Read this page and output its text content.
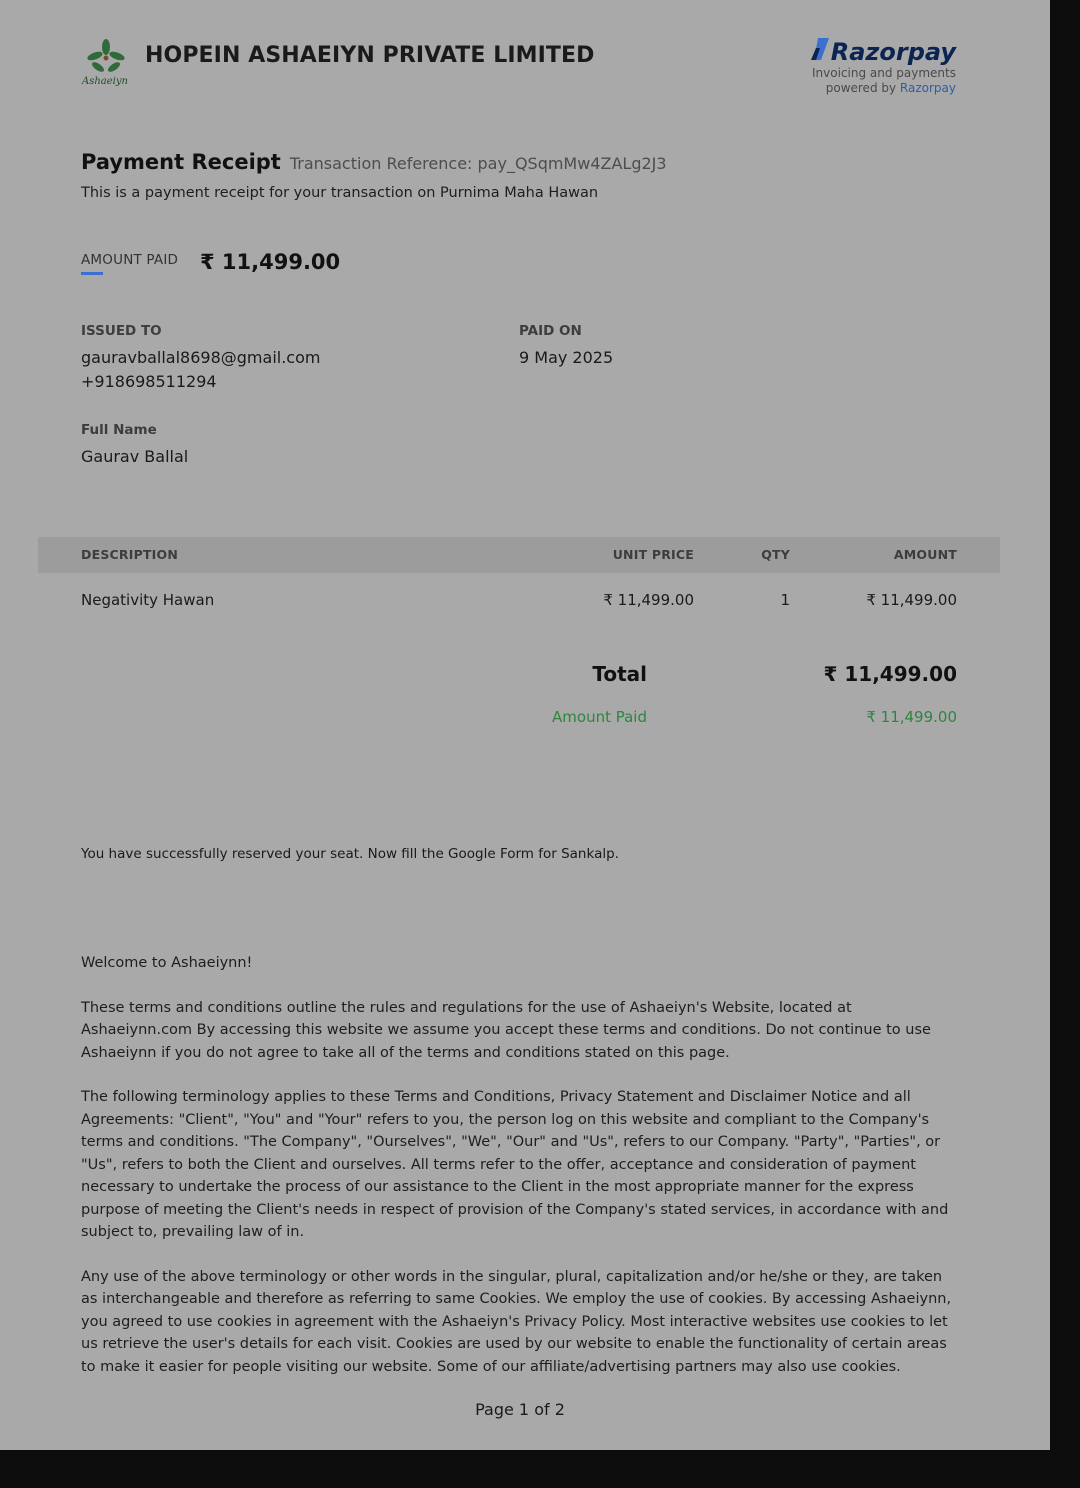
Ashaeiyn
HOPEIN ASHAEIYN PRIVATE LIMITED	Razorpay
Invoicing and payments
powered by Razorpay
Payment Receipt Transaction Reference: pay_QSqmMw4ZALg2J3
This is a payment receipt for your transaction on Purnima Maha Hawan
AMOUNT PAID ₹ 11,499.00
ISSUED TO
gauravballal8698@gmail.com
+918698511294
PAID ON
9 May 2025
Full Name
Gaurav Ballal
DESCRIPTION	UNIT PRICE	QTY	AMOUNT
Negativity Hawan	₹ 11,499.00	1	₹ 11,499.00
Total	₹ 11,499.00
Amount Paid	₹ 11,499.00
You have successfully reserved your seat. Now fill the Google Form for Sankalp.

Welcome to Ashaeiynn!

These terms and conditions outline the rules and regulations for the use of Ashaeiyn's Website, located at Ashaeiynn.com By accessing this website we assume you accept these terms and conditions. Do not continue to use Ashaeiynn if you do not agree to take all of the terms and conditions stated on this page.

The following terminology applies to these Terms and Conditions, Privacy Statement and Disclaimer Notice and all Agreements: "Client", "You" and "Your" refers to you, the person log on this website and compliant to the Company's terms and conditions. "The Company", "Ourselves", "We", "Our" and "Us", refers to our Company. "Party", "Parties", or "Us", refers to both the Client and ourselves. All terms refer to the offer, acceptance and consideration of payment necessary to undertake the process of our assistance to the Client in the most appropriate manner for the express purpose of meeting the Client's needs in respect of provision of the Company's stated services, in accordance with and subject to, prevailing law of in.

Any use of the above terminology or other words in the singular, plural, capitalization and/or he/she or they, are taken as interchangeable and therefore as referring to same Cookies. We employ the use of cookies. By accessing Ashaeiynn, you agreed to use cookies in agreement with the Ashaeiyn's Privacy Policy. Most interactive websites use cookies to let us retrieve the user's details for each visit. Cookies are used by our website to enable the functionality of certain areas to make it easier for people visiting our website. Some of our affiliate/advertising partners may also use cookies.

Page 1 of 2
